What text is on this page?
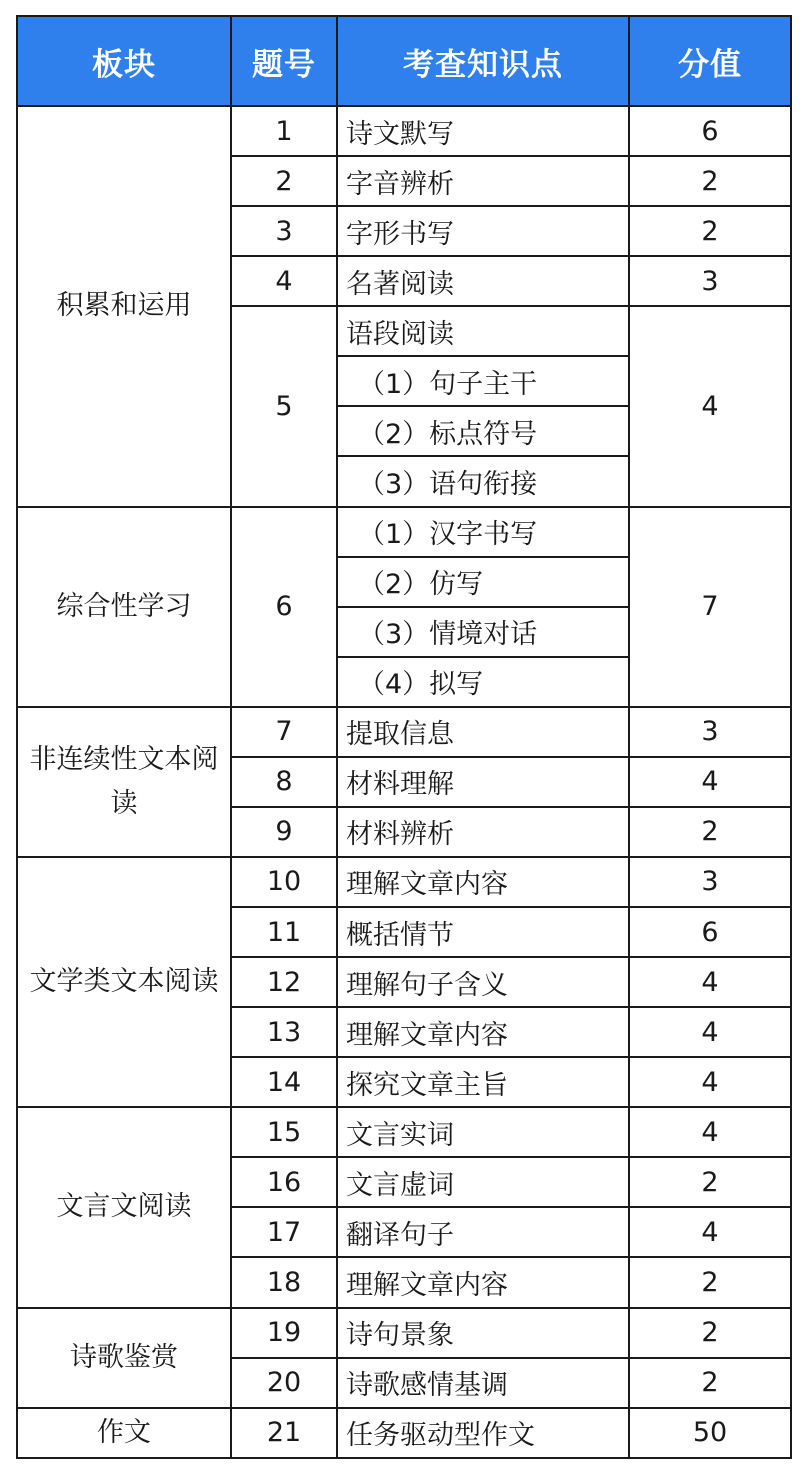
板块	题号	考查知识点	分值
积累和运用	1	诗文默写	6
	2	字音辨析	2
	3	字形书写	2
	4	名著阅读	3
	5	语段阅读	4
		（1）句子主干	
		（2）标点符号	
		（3）语句衔接	
综合性学习	6	（1）汉字书写	7
		（2）仿写	
		（3）情境对话	
		（4）拟写	
非连续性文本阅读	7	提取信息	3
	8	材料理解	4
	9	材料辨析	2
文学类文本阅读	10	理解文章内容	3
	11	概括情节	6
	12	理解句子含义	4
	13	理解文章内容	4
	14	探究文章主旨	4
文言文阅读	15	文言实词	4
	16	文言虚词	2
	17	翻译句子	4
	18	理解文章内容	2
诗歌鉴赏	19	诗句景象	2
	20	诗歌感情基调	2
作文	21	任务驱动型作文	50
